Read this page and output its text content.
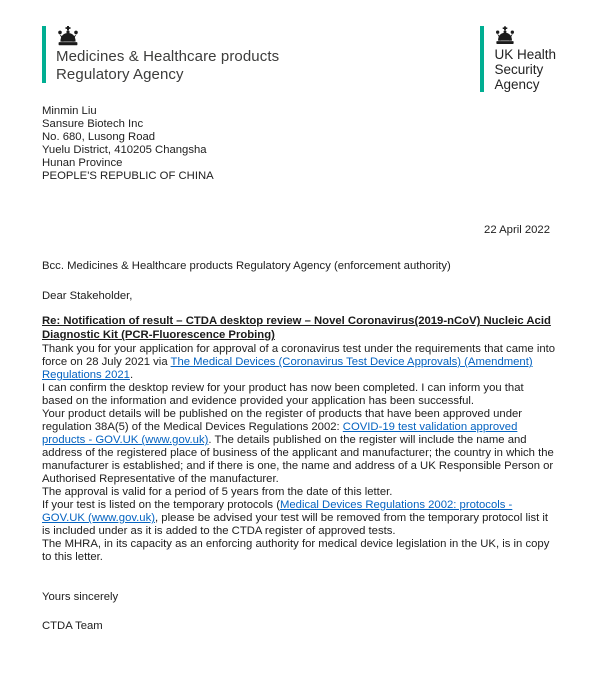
Medicines & Healthcare products
Regulatory Agency
UK Health
Security
Agency
Minmin Liu
Sansure Biotech Inc
No. 680, Lusong Road
Yuelu District, 410205 Changsha
Hunan Province
PEOPLE'S REPUBLIC OF CHINA
22 April 2022
Bcc. Medicines & Healthcare products Regulatory Agency (enforcement authority)
Dear Stakeholder,

Re: Notification of result – CTDA desktop review – Novel Coronavirus(2019-nCoV) Nucleic Acid Diagnostic Kit (PCR-Fluorescence Probing)

Thank you for your application for approval of a coronavirus test under the requirements that came into force on 28 July 2021 via The Medical Devices (Coronavirus Test Device Approvals) (Amendment) Regulations 2021.

I can confirm the desktop review for your product has now been completed. I can inform you that based on the information and evidence provided your application has been successful.

Your product details will be published on the register of products that have been approved under regulation 38A(5) of the Medical Devices Regulations 2002: COVID-19 test validation approved products - GOV.UK (www.gov.uk). The details published on the register will include the name and address of the registered place of business of the applicant and manufacturer; the country in which the manufacturer is established; and if there is one, the name and address of a UK Responsible Person or Authorised Representative of the manufacturer.

The approval is valid for a period of 5 years from the date of this letter.

If your test is listed on the temporary protocols (Medical Devices Regulations 2002: protocols - GOV.UK (www.gov.uk), please be advised your test will be removed from the temporary protocol list it is included under as it is added to the CTDA register of approved tests.

The MHRA, in its capacity as an enforcing authority for medical device legislation in the UK, is in copy to this letter.

Yours sincerely
CTDA Team
